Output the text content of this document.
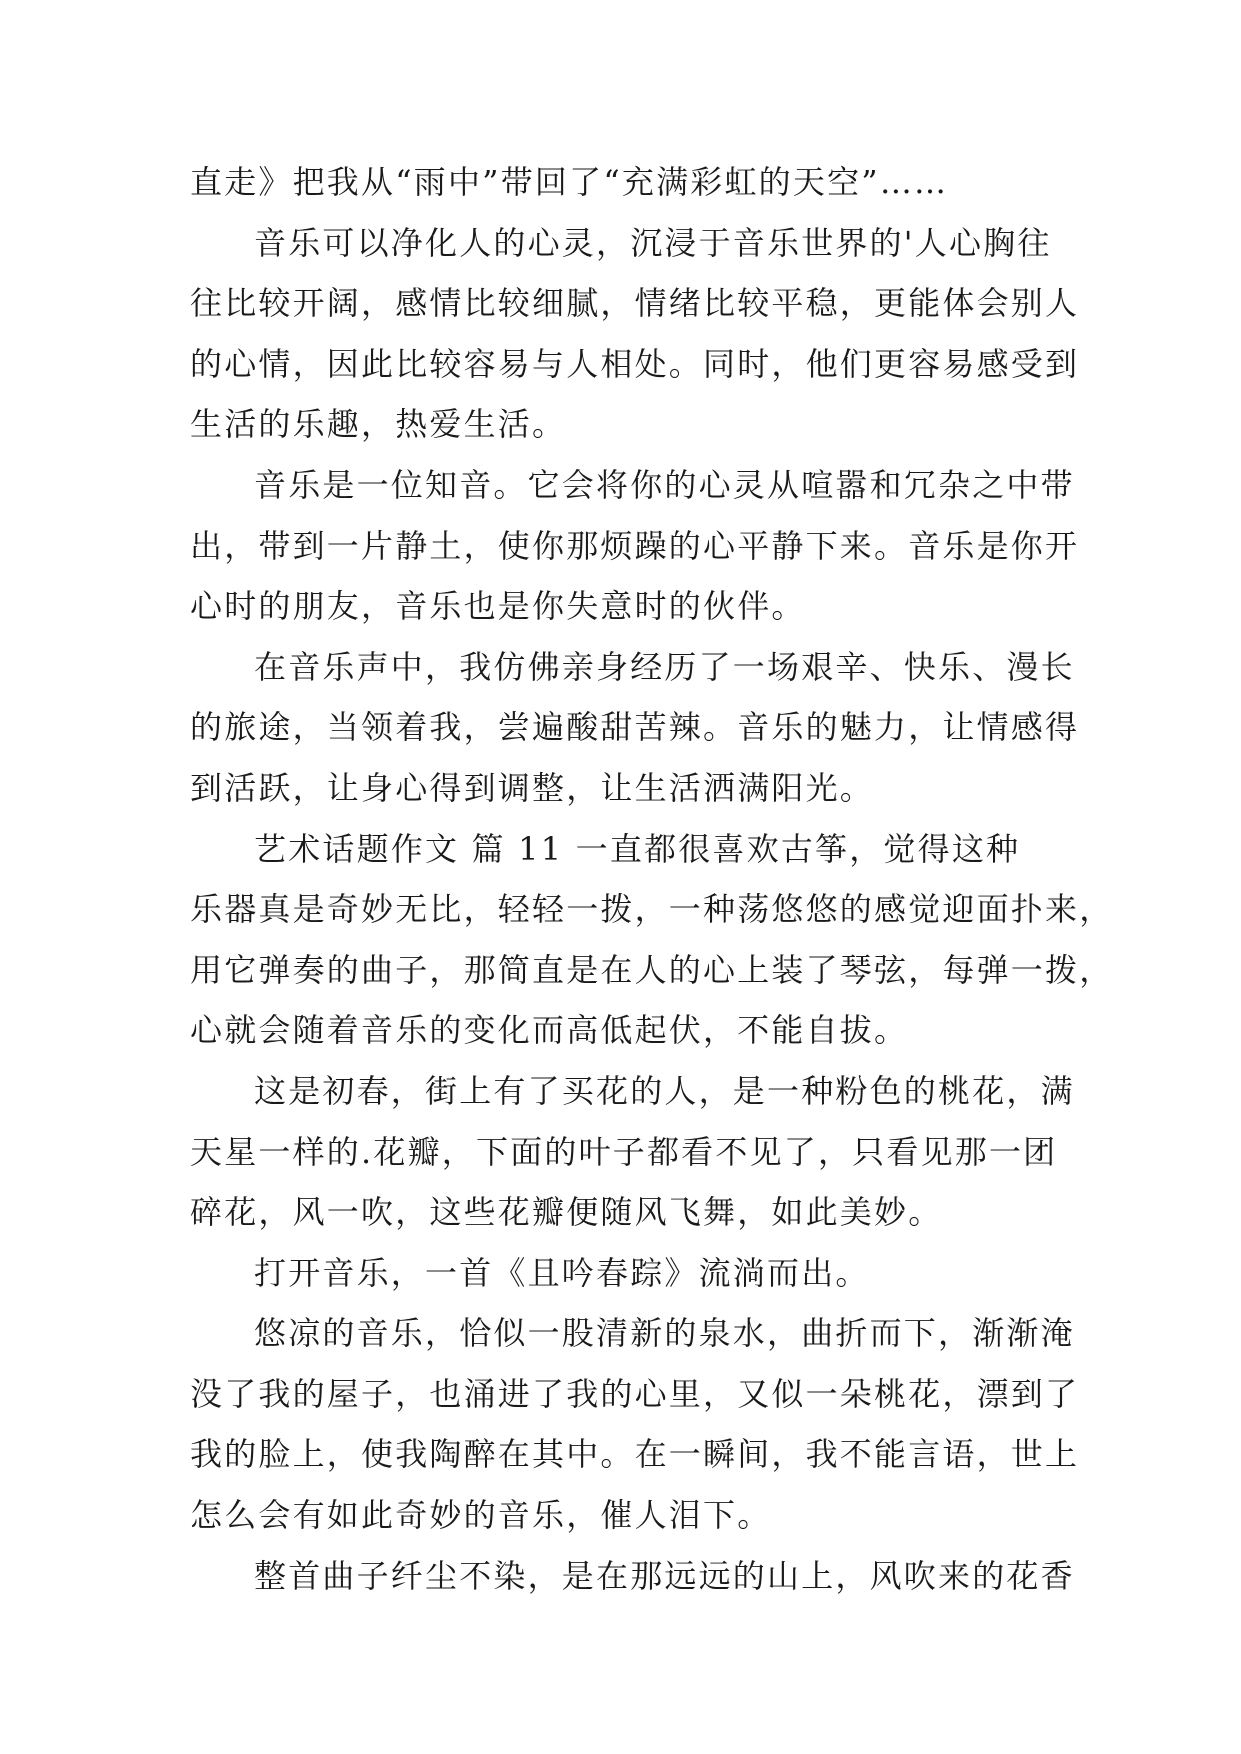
直走》把我从“雨中”带回了“充满彩虹的天空”……
音乐可以净化人的心灵，沉浸于音乐世界的'人心胸往
往比较开阔，感情比较细腻，情绪比较平稳，更能体会别人
的心情，因此比较容易与人相处。同时，他们更容易感受到
生活的乐趣，热爱生活。
音乐是一位知音。它会将你的心灵从喧嚣和冗杂之中带
出，带到一片静土，使你那烦躁的心平静下来。音乐是你开
心时的朋友，音乐也是你失意时的伙伴。
在音乐声中，我仿佛亲身经历了一场艰辛、快乐、漫长
的旅途，当领着我，尝遍酸甜苦辣。音乐的魅力，让情感得
到活跃，让身心得到调整，让生活洒满阳光。
艺术话题作文 篇 11 一直都很喜欢古筝，觉得这种
乐器真是奇妙无比，轻轻一拨，一种荡悠悠的感觉迎面扑来，
用它弹奏的曲子，那简直是在人的心上装了琴弦，每弹一拨，
心就会随着音乐的变化而高低起伏，不能自拔。
这是初春，街上有了买花的人，是一种粉色的桃花，满
天星一样的.花瓣，下面的叶子都看不见了，只看见那一团
碎花，风一吹，这些花瓣便随风飞舞，如此美妙。
打开音乐，一首《且吟春踪》流淌而出。
悠凉的音乐，恰似一股清新的泉水，曲折而下，渐渐淹
没了我的屋子，也涌进了我的心里，又似一朵桃花，漂到了
我的脸上，使我陶醉在其中。在一瞬间，我不能言语，世上
怎么会有如此奇妙的音乐，催人泪下。
整首曲子纤尘不染，是在那远远的山上，风吹来的花香
